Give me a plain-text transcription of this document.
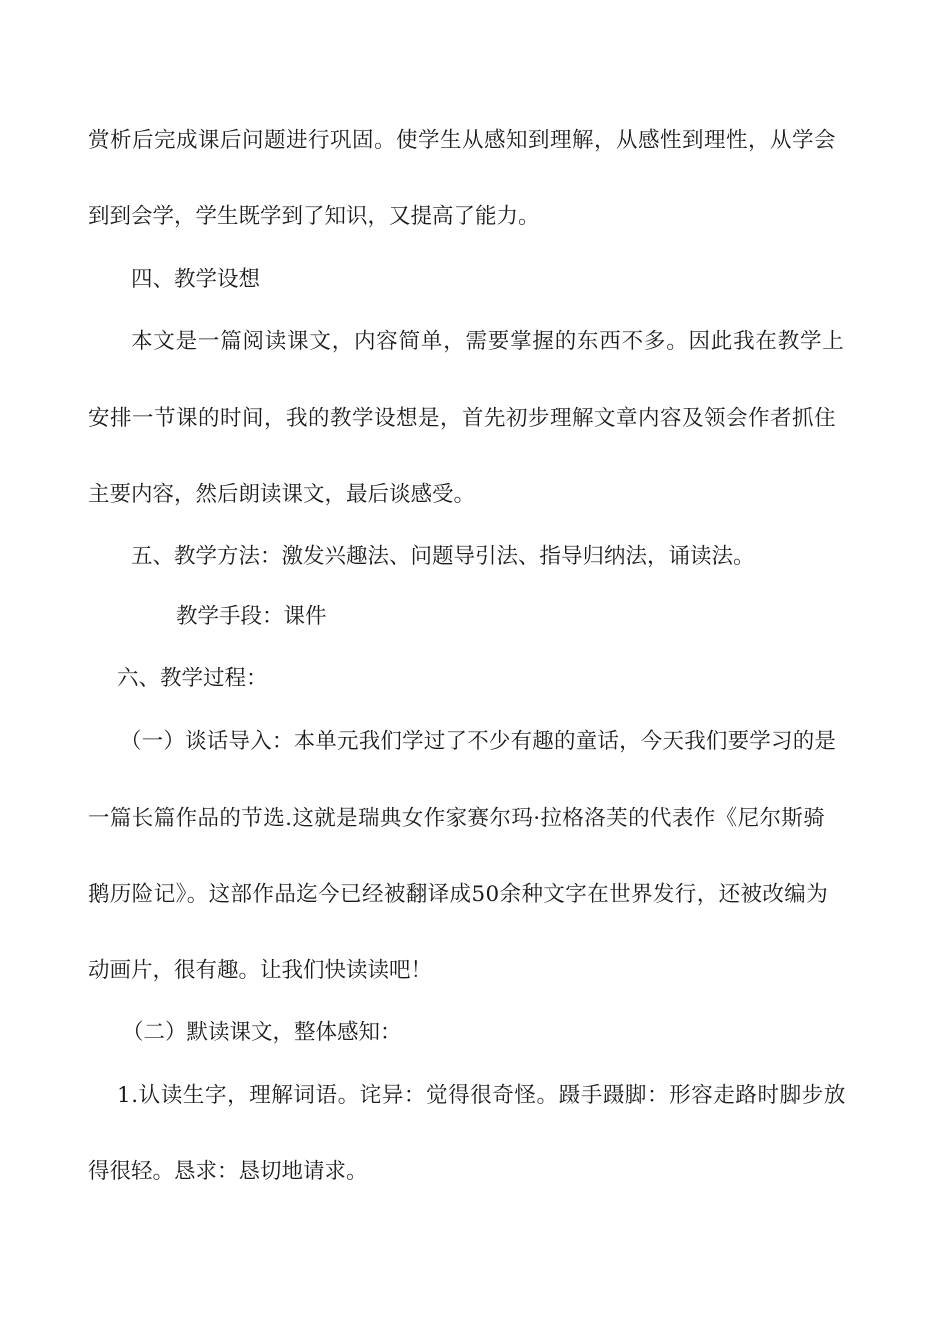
赏析后完成课后问题进行巩固。使学生从感知到理解，从感性到理性，从学会

到到会学，学生既学到了知识，又提高了能力。

四、教学设想

本文是一篇阅读课文，内容简单，需要掌握的东西不多。因此我在教学上

安排一节课的时间，我的教学设想是，首先初步理解文章内容及领会作者抓住

主要内容，然后朗读课文，最后谈感受。

五、教学方法：激发兴趣法、问题导引法、指导归纳法，诵读法。

教学手段：课件

六、教学过程：

（一）谈话导入：本单元我们学过了不少有趣的童话，今天我们要学习的是

一篇长篇作品的节选.这就是瑞典女作家赛尔玛·拉格洛芙的代表作《尼尔斯骑

鹅历险记》。这部作品迄今已经被翻译成50余种文字在世界发行，还被改编为

动画片，很有趣。让我们快读读吧！

（二）默读课文，整体感知：

1.认读生字，理解词语。诧异：觉得很奇怪。蹑手蹑脚：形容走路时脚步放

得很轻。恳求：恳切地请求。
